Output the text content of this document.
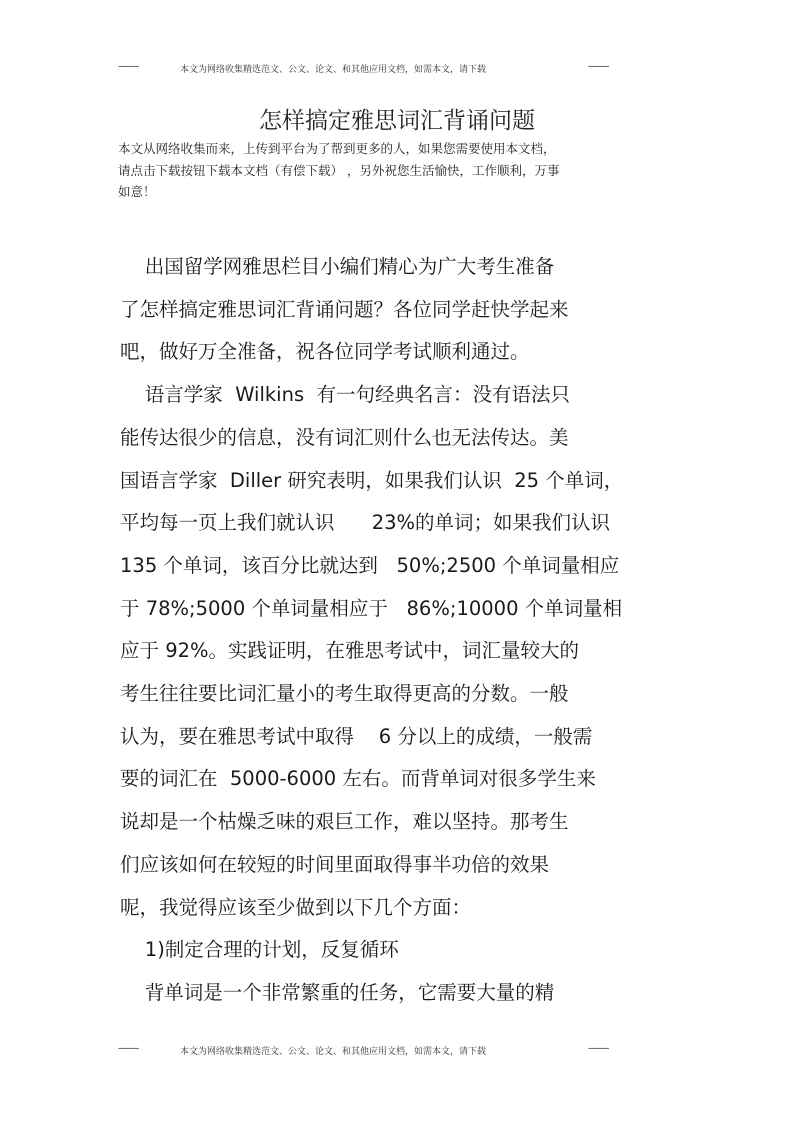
----------	本文为网络收集精选范文、公文、论文、和其他应用文档，如需本文，请下载	----------
怎样搞定雅思词汇背诵问题
本文从网络收集而来，上传到平台为了帮到更多的人，如果您需要使用本文档，
请点击下载按钮下载本文档（有偿下载） ，另外祝您生活愉快，工作顺利，万事
如意！
出国留学网雅思栏目小编们精心为广大考生准备
了怎样搞定雅思词汇背诵问题？各位同学赶快学起来
吧，做好万全准备，祝各位同学考试顺利通过。
语言学家  Wilkins  有一句经典名言：没有语法只
能传达很少的信息，没有词汇则什么也无法传达。美
国语言学家  Diller 研究表明，如果我们认识  25 个单词，
平均每一页上我们就认识      23%的单词；如果我们认识
135 个单词，该百分比就达到   50%;2500 个单词量相应
于 78%;5000 个单词量相应于   86%;10000 个单词量相
应于 92%。实践证明，在雅思考试中，词汇量较大的
考生往往要比词汇量小的考生取得更高的分数。一般
认为，要在雅思考试中取得    6 分以上的成绩，一般需
要的词汇在  5000-6000 左右。而背单词对很多学生来
说却是一个枯燥乏味的艰巨工作，难以坚持。那考生
们应该如何在较短的时间里面取得事半功倍的效果
呢，我觉得应该至少做到以下几个方面：
1)制定合理的计划，反复循环
背单词是一个非常繁重的任务，它需要大量的精
----------	本文为网络收集精选范文、公文、论文、和其他应用文档，如需本文，请下载	----------
